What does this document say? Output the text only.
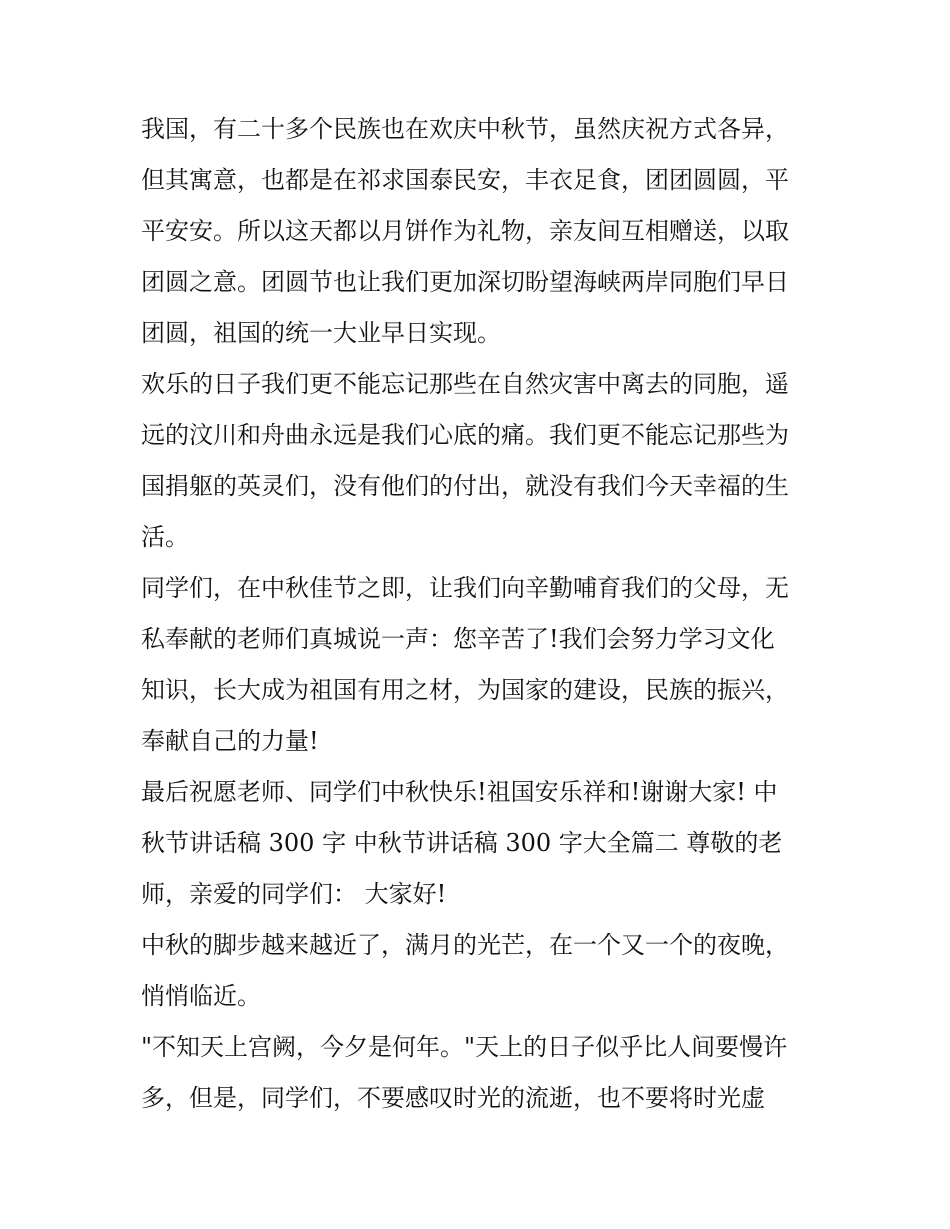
我国，有二十多个民族也在欢庆中秋节，虽然庆祝方式各异，
但其寓意，也都是在祁求国泰民安，丰衣足食，团团圆圆，平
平安安。所以这天都以月饼作为礼物，亲友间互相赠送，以取
团圆之意。团圆节也让我们更加深切盼望海峡两岸同胞们早日
团圆，祖国的统一大业早日实现。
欢乐的日子我们更不能忘记那些在自然灾害中离去的同胞，遥
远的汶川和舟曲永远是我们心底的痛。我们更不能忘记那些为
国捐躯的英灵们，没有他们的付出，就没有我们今天幸福的生
活。
同学们，在中秋佳节之即，让我们向辛勤哺育我们的父母，无
私奉献的老师们真城说一声：您辛苦了!我们会努力学习文化
知识，长大成为祖国有用之材，为国家的建设，民族的振兴，
奉献自己的力量!
最后祝愿老师、同学们中秋快乐!祖国安乐祥和!谢谢大家! 中
秋节讲话稿 300 字 中秋节讲话稿 300 字大全篇二 尊敬的老
师，亲爱的同学们： 大家好!
中秋的脚步越来越近了，满月的光芒，在一个又一个的夜晚，
悄悄临近。
"不知天上宫阙，今夕是何年。"天上的日子似乎比人间要慢许
多，但是，同学们，不要感叹时光的流逝，也不要将时光虚
